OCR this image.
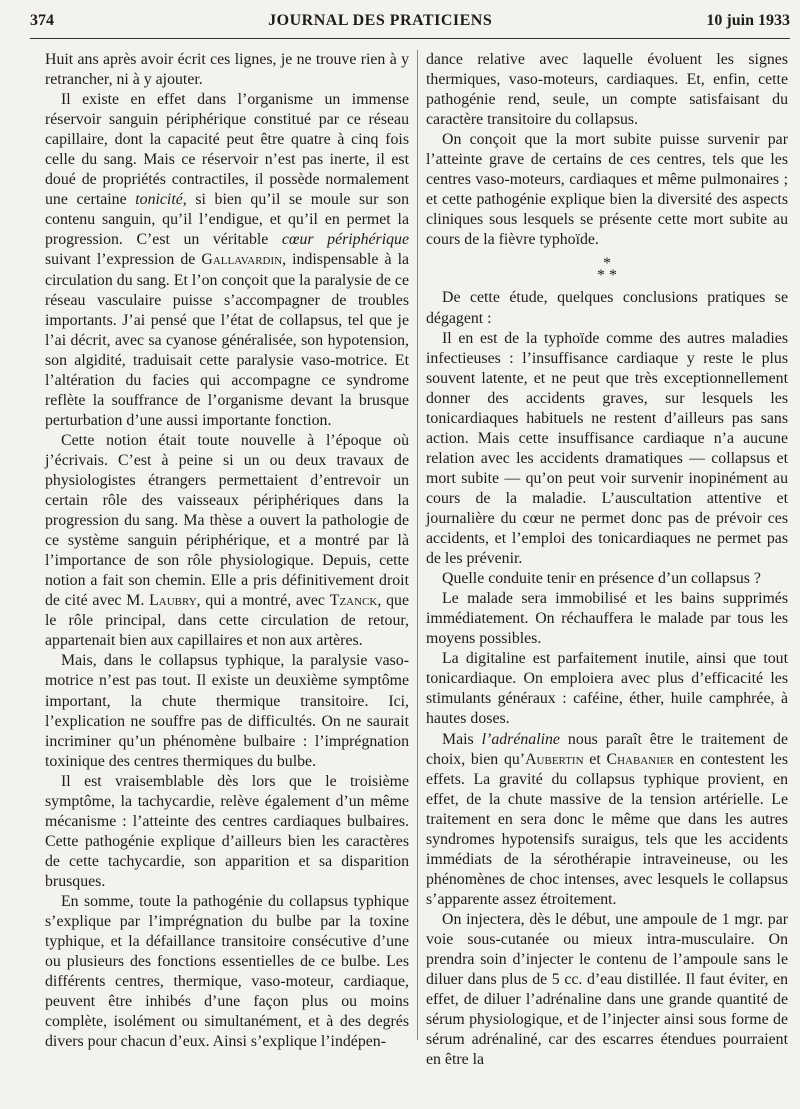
374	JOURNAL DES PRATICIENS	10 juin 1933

Huit ans après avoir écrit ces lignes, je ne trouve rien à y retrancher, ni à y ajouter.

Il existe en effet dans l’organisme un immense réservoir sanguin périphérique constitué par ce réseau capillaire, dont la capacité peut être quatre à cinq fois celle du sang. Mais ce réservoir n’est pas inerte, il est doué de propriétés contractiles, il possède normalement une certaine tonicité, si bien qu’il se moule sur son contenu sanguin, qu’il l’endigue, et qu’il en permet la progression. C’est un véritable cœur périphérique suivant l’expression de Gallavardin, indispensable à la circulation du sang. Et l’on conçoit que la paralysie de ce réseau vasculaire puisse s’accompagner de troubles importants. J’ai pensé que l’état de collapsus, tel que je l’ai décrit, avec sa cyanose généralisée, son hypotension, son algidité, traduisait cette paralysie vaso-motrice. Et l’altération du facies qui accompagne ce syndrome reflète la souffrance de l’organisme devant la brusque perturbation d’une aussi importante fonction.

Cette notion était toute nouvelle à l’époque où j’écrivais. C’est à peine si un ou deux travaux de physiologistes étrangers permettaient d’entrevoir un certain rôle des vaisseaux périphériques dans la progression du sang. Ma thèse a ouvert la pathologie de ce système sanguin périphérique, et a montré par là l’importance de son rôle physiologique. Depuis, cette notion a fait son chemin. Elle a pris définitivement droit de cité avec M. Laubry, qui a montré, avec Tzanck, que le rôle principal, dans cette circulation de retour, appartenait bien aux capillaires et non aux artères.

Mais, dans le collapsus typhique, la paralysie vaso-motrice n’est pas tout. Il existe un deuxième symptôme important, la chute thermique transitoire. Ici, l’explication ne souffre pas de difficultés. On ne saurait incriminer qu’un phénomène bulbaire : l’imprégnation toxinique des centres thermiques du bulbe.

Il est vraisemblable dès lors que le troisième symptôme, la tachycardie, relève également d’un même mécanisme : l’atteinte des centres cardiaques bulbaires. Cette pathogénie explique d’ailleurs bien les caractères de cette tachycardie, son apparition et sa disparition brusques.

En somme, toute la pathogénie du collapsus typhique s’explique par l’imprégnation du bulbe par la toxine typhique, et la défaillance transitoire consécutive d’une ou plusieurs des fonctions essentielles de ce bulbe. Les différents centres, thermique, vaso-moteur, cardiaque, peuvent être inhibés d’une façon plus ou moins complète, isolément ou simultanément, et à des degrés divers pour chacun d’eux. Ainsi s’explique l’indépen-

dance relative avec laquelle évoluent les signes thermiques, vaso-moteurs, cardiaques. Et, enfin, cette pathogénie rend, seule, un compte satisfaisant du caractère transitoire du collapsus.

On conçoit que la mort subite puisse survenir par l’atteinte grave de certains de ces centres, tels que les centres vaso-moteurs, cardiaques et même pulmonaires ; et cette pathogénie explique bien la diversité des aspects cliniques sous lesquels se présente cette mort subite au cours de la fièvre typhoïde.

*
* *

De cette étude, quelques conclusions pratiques se dégagent :

Il en est de la typhoïde comme des autres maladies infectieuses : l’insuffisance cardiaque y reste le plus souvent latente, et ne peut que très exceptionnellement donner des accidents graves, sur lesquels les tonicardiaques habituels ne restent d’ailleurs pas sans action. Mais cette insuffisance cardiaque n’a aucune relation avec les accidents dramatiques — collapsus et mort subite — qu’on peut voir survenir inopinément au cours de la maladie. L’auscultation attentive et journalière du cœur ne permet donc pas de prévoir ces accidents, et l’emploi des tonicardiaques ne permet pas de les prévenir.

Quelle conduite tenir en présence d’un collapsus ?

Le malade sera immobilisé et les bains supprimés immédiatement. On réchauffera le malade par tous les moyens possibles.

La digitaline est parfaitement inutile, ainsi que tout tonicardiaque. On emploiera avec plus d’efficacité les stimulants généraux : caféine, éther, huile camphrée, à hautes doses.

Mais l’adrénaline nous paraît être le traitement de choix, bien qu’Aubertin et Chabanier en contestent les effets. La gravité du collapsus typhique provient, en effet, de la chute massive de la tension artérielle. Le traitement en sera donc le même que dans les autres syndromes hypotensifs suraigus, tels que les accidents immédiats de la sérothérapie intraveineuse, ou les phénomènes de choc intenses, avec lesquels le collapsus s’apparente assez étroitement.

On injectera, dès le début, une ampoule de 1 mgr. par voie sous-cutanée ou mieux intra-musculaire. On prendra soin d’injecter le contenu de l’ampoule sans le diluer dans plus de 5 cc. d’eau distillée. Il faut éviter, en effet, de diluer l’adrénaline dans une grande quantité de sérum physiologique, et de l’injecter ainsi sous forme de sérum adrénaliné, car des escarres étendues pourraient en être la
